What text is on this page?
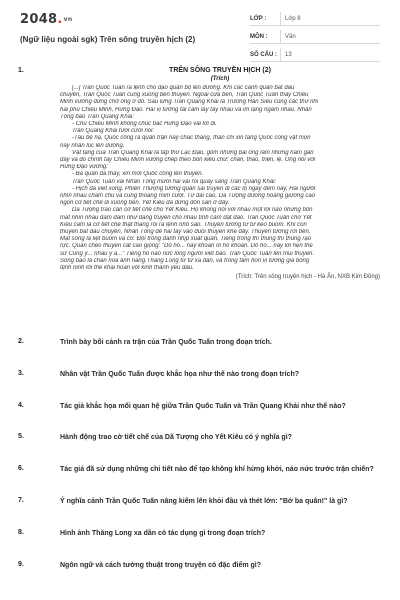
2048.vn
(Ngữ liệu ngoài sgk) Trên sông truyền hịch (2)
LỚP :	Lớp 8
MÔN :	Văn
SỐ CÂU :	13
1.	TRÊN SÔNG TRUYỀN HỊCH (2)
(Trích)
[...] Trần Quốc Tuấn ra lệnh cho đạo quân bộ lên đường. Khi các cánh quân bắt đầu
chuyển, Trần Quốc Tuấn cũng xuống bến thuyền. Ngoài cửa bến, Trần Quốc Tuấn thấy Chiêu
Minh vương đứng chờ ông ở đó. Sau lưng Trần Quang Khải là Trương Hán Siêu cùng các thư nhi
hai phủ Chiêu Minh, Hưng Đạo. Hai vị tướng tài cầm lấy tay nhau và im lặng ngắm nhau. Nhân
Tông bảo Trần Quang Khải:
- Chú Chiêu Minh không chúc bác Hưng Đạo vài lời đi.
Trần Quang Khải tươi cười nói:
-Tâu bệ hạ, Quốc công ra quân trận này chắc thắng, thần chỉ xin tặng Quốc công vật mọn
này nhân lúc lên đường.
Vật tặng của Trần Quang Khải là tấp thơ Lạc Đạo, gồm những bài ông làm những năm gần
đây và do chính tay Chiêu Minh vương chép theo bốn kiểu chữ: chân, thảo, triện, lệ. Ông nói với
Hưng Đạo vương:
- Ba quân đã tháy, xin mời Quốc công lên thuyền.
Trần Quốc Tuấn vái Nhân Tông mười hai vái rồi quay sang Trần Quang Khải:
- Hịch đã viết xong. Phiên Thượng tướng quân sai truyền đi các lộ ngay đêm nay. Hai người
nhìn nhau chăm chú và cùng thoáng mỉm cười. Từ đài cao, Dã Tượng đương hoàng giương cao
ngọn cờ tiết chế đi xuống bến. Yết Kiêu đã đứng đón sẵn ở đấy.
Dã Tượng trao cán cờ tiết chế cho Yết Kiêu. Họ không nói với nhau một lời nào nhưng bốn
mắt nhìn nhau đằm đằm như đang truyền cho nhau tình cảm dạt dào. Trần Quốc Tuấn chờ Yết
Kiêu cắm lá cờ tiết chế thật thẳng rồi ra lệnh nhổ sào. Thuyền tướng từ từ kéo buồm. Khi con
thuyền bắt đầu chuyển, Nhân Tông để hai tay vào đuôi thuyền khẽ đẩy. Thuyền tướng rời bến.
Mặt sông là liệt buồm và cờ. Đội trống đánh nhịp xuất quân. Tiếng trống thì thùng thì thùng rạo
rực. Quân chèo thuyền cất cao giọng: "Dô hò... này khoan ơi hò khoan. Dô hò... này lời hẹn thề
sư Cùng ý... nhau ý a..." Tiếng hò nào nức lòng người xiết bao. Trần Quốc Tuấn lên mui thuyền.
Sông bao la chan hòa ánh nắng.Thăng Long từ từ xa dần, và trong tâm hồn vị tướng giả bồng
định ninh lời thề khải hoàn với kinh thành yêu dấu.
(Trích: Trên sông truyền hịch - Hà Ân, NXB Kim Đồng)
2.	Trình bày bối cảnh ra trận của Trần Quốc Tuấn trong đoạn trích.
3.	Nhân vật Trần Quốc Tuấn được khắc họa như thế nào trong đoạn trích?
4.	Tác giả khắc họa mối quan hệ giữa Trần Quốc Tuấn và Trần Quang Khải như thế nào?
5.	Hành động trao cờ tiết chế của Dã Tượng cho Yết Kiêu có ý nghĩa gì?
6.	Tác giả đã sử dụng những chi tiết nào để tạo không khí hừng khởi, náo nức trước trận chiến?
7.	Ý nghĩa cảnh Trần Quốc Tuấn nâng kiếm lên khỏi đầu và thét lớn: "Bớ ba quân!" là gì?
8.	Hình ảnh Thăng Long xa dần có tác dụng gì trong đoạn trích?
9.	Ngôn ngữ và cách tường thuật trong truyện có đặc điểm gì?
